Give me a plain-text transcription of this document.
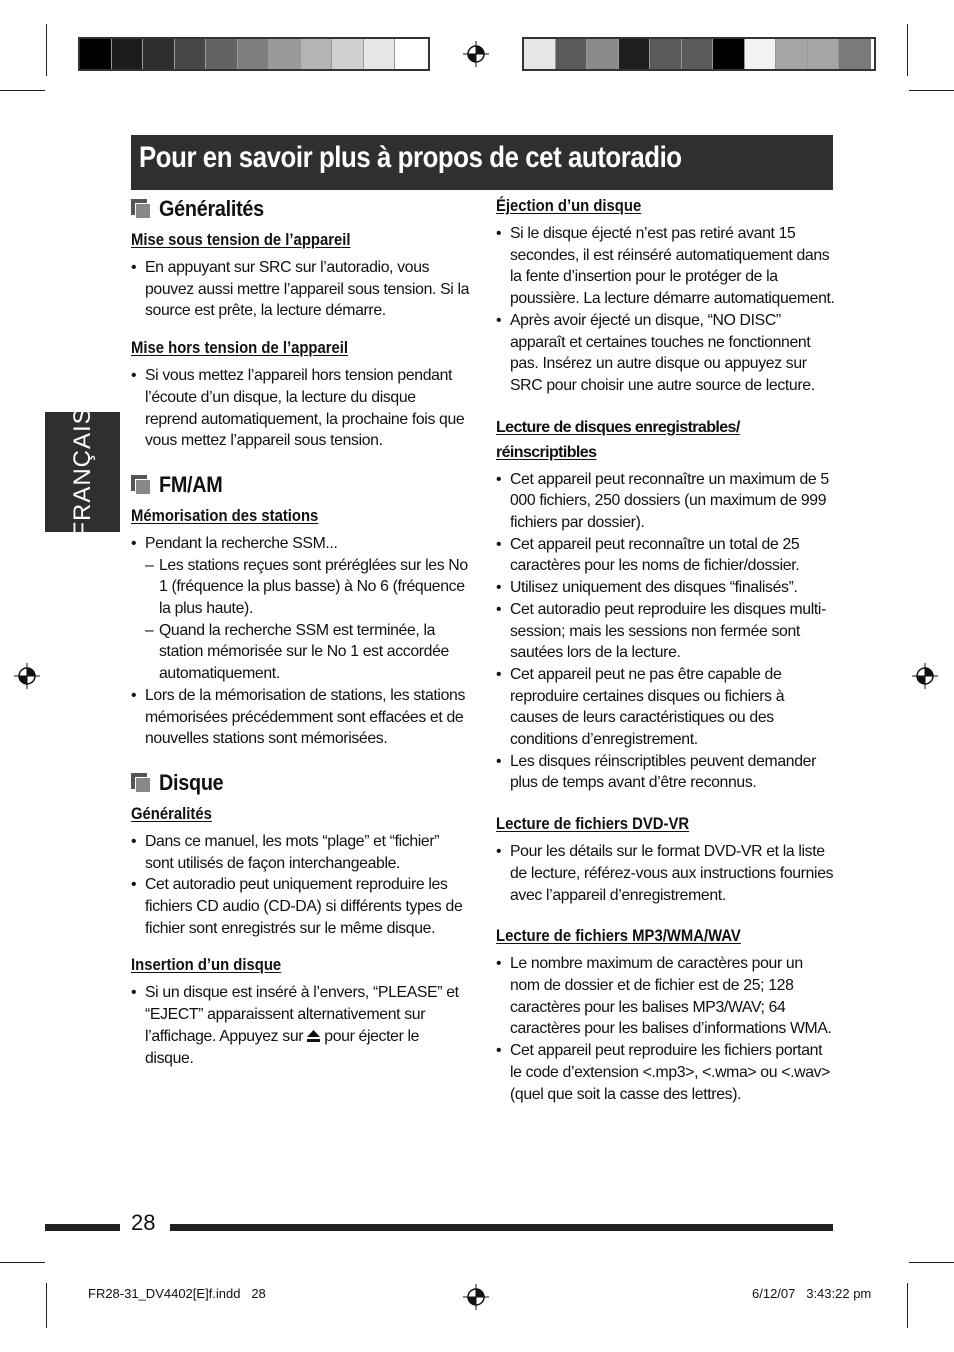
Pour en savoir plus à propos de cet autoradio
FRANÇAIS
Généralités
Mise sous tension de l’appareil
• En appuyant sur SRC sur l’autoradio, vous pouvez aussi mettre l’appareil sous tension. Si la source est prête, la lecture démarre.
Mise hors tension de l’appareil
• Si vous mettez l’appareil hors tension pendant l’écoute d’un disque, la lecture du disque reprend automatiquement, la prochaine fois que vous mettez l’appareil sous tension.
FM/AM
Mémorisation des stations
• Pendant la recherche SSM...
– Les stations reçues sont préréglées sur les No 1 (fréquence la plus basse) à No 6 (fréquence la plus haute).
– Quand la recherche SSM est terminée, la station mémorisée sur le No 1 est accordée automatiquement.
• Lors de la mémorisation de stations, les stations mémorisées précédemment sont effacées et de nouvelles stations sont mémorisées.
Disque
Généralités
• Dans ce manuel, les mots “plage” et “fichier” sont utilisés de façon interchangeable.
• Cet autoradio peut uniquement reproduire les fichiers CD audio (CD-DA) si différents types de fichier sont enregistrés sur le même disque.
Insertion d’un disque
• Si un disque est inséré à l’envers, “PLEASE” et “EJECT” apparaissent alternativement sur l’affichage. Appuyez sur pour éjecter le disque.
Éjection d’un disque
• Si le disque éjecté n’est pas retiré avant 15 secondes, il est réinséré automatiquement dans la fente d’insertion pour le protéger de la poussière. La lecture démarre automatiquement.
• Après avoir éjecté un disque, “NO DISC” apparaît et certaines touches ne fonctionnent pas. Insérez un autre disque ou appuyez sur SRC pour choisir une autre source de lecture.
Lecture de disques enregistrables/ réinscriptibles
• Cet appareil peut reconnaître un maximum de 5 000 fichiers, 250 dossiers (un maximum de 999 fichiers par dossier).
• Cet appareil peut reconnaître un total de 25 caractères pour les noms de fichier/dossier.
• Utilisez uniquement des disques “finalisés”.
• Cet autoradio peut reproduire les disques multi-session; mais les sessions non fermée sont sautées lors de la lecture.
• Cet appareil peut ne pas être capable de reproduire certaines disques ou fichiers à causes de leurs caractéristiques ou des conditions d’enregistrement.
• Les disques réinscriptibles peuvent demander plus de temps avant d’être reconnus.
Lecture de fichiers DVD-VR
• Pour les détails sur le format DVD-VR et la liste de lecture, référez-vous aux instructions fournies avec l’appareil d’enregistrement.
Lecture de fichiers MP3/WMA/WAV
• Le nombre maximum de caractères pour un nom de dossier et de fichier est de 25; 128 caractères pour les balises MP3/WAV; 64 caractères pour les balises d’informations WMA.
• Cet appareil peut reproduire les fichiers portant le code d’extension <.mp3>, <.wma> ou <.wav> (quel que soit la casse des lettres).
28
FR28-31_DV4402[E]f.indd   28	6/12/07   3:43:22 pm
